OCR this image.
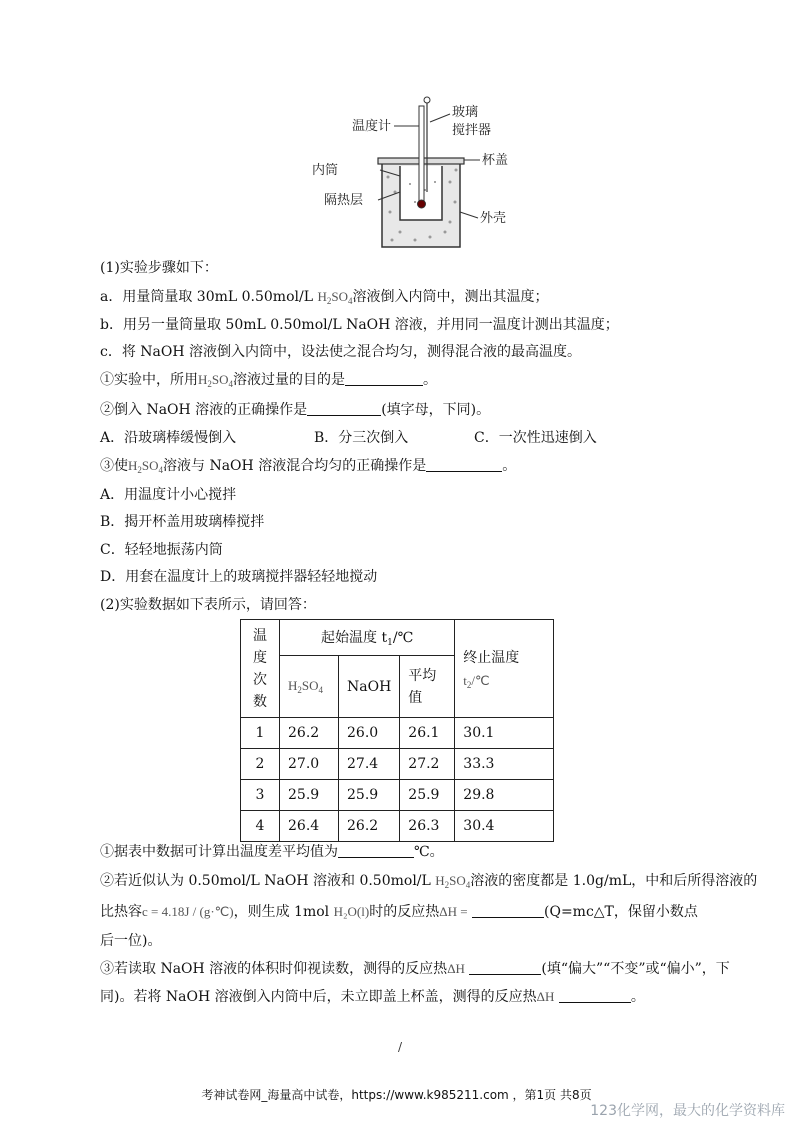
温度计
玻璃
搅拌器
内筒
杯盖
隔热层
外壳
(1)实验步骤如下：
a．用量筒量取 30mL 0.50mol/L $H_2SO_4$溶液倒入内筒中，测出其温度；
b．用另一量筒量取 50mL 0.50mol/L NaOH 溶液，并用同一温度计测出其温度；
c．将 NaOH 溶液倒入内筒中，设法使之混合均匀，测得混合液的最高温度。
①实验中，所用$H_2SO_4$溶液过量的目的是	。
②倒入 NaOH 溶液的正确操作是	(填字母，下同)。
A．沿玻璃棒缓慢倒入	B．分三次倒入	C．一次性迅速倒入
③使$H_2SO_4$溶液与 NaOH 溶液混合均匀的正确操作是	。
A．用温度计小心搅拌
B．揭开杯盖用玻璃棒搅拌
C．轻轻地振荡内筒
D．用套在温度计上的玻璃搅拌器轻轻地搅动
(2)实验数据如下表所示，请回答：
温度次数	起始温度 $t_1/℃$			终止温度
$t_2/℃$

	$H_2SO_4$	NaOH	平均值	

1	26.2	26.0	26.1	30.1
2	27.0	27.4	27.2	33.3
3	25.9	25.9	25.9	29.8
4	26.4	26.2	26.3	30.4
①据表中数据可计算出温度差平均值为	℃。
②若近似认为 0.50mol/L NaOH 溶液和 0.50mol/L $H_2SO_4$溶液的密度都是 1.0g/mL，中和后所得溶液的
比热容c = 4.18J / (g·℃)，则生成 1mol H₂O(l)时的反应热ΔH =	(Q=mc△T，保留小数点
后一位)。
③若读取 NaOH 溶液的体积时仰视读数，测得的反应热ΔH	(填“偏大”“不变”或“偏小”，下
同)。若将 NaOH 溶液倒入内筒中后，未立即盖上杯盖，测得的反应热ΔH	。
/
考神试卷网_海量高中试卷，https://www.k985211.com ，第1页 共8页
123化学网，最大的化学资料库
